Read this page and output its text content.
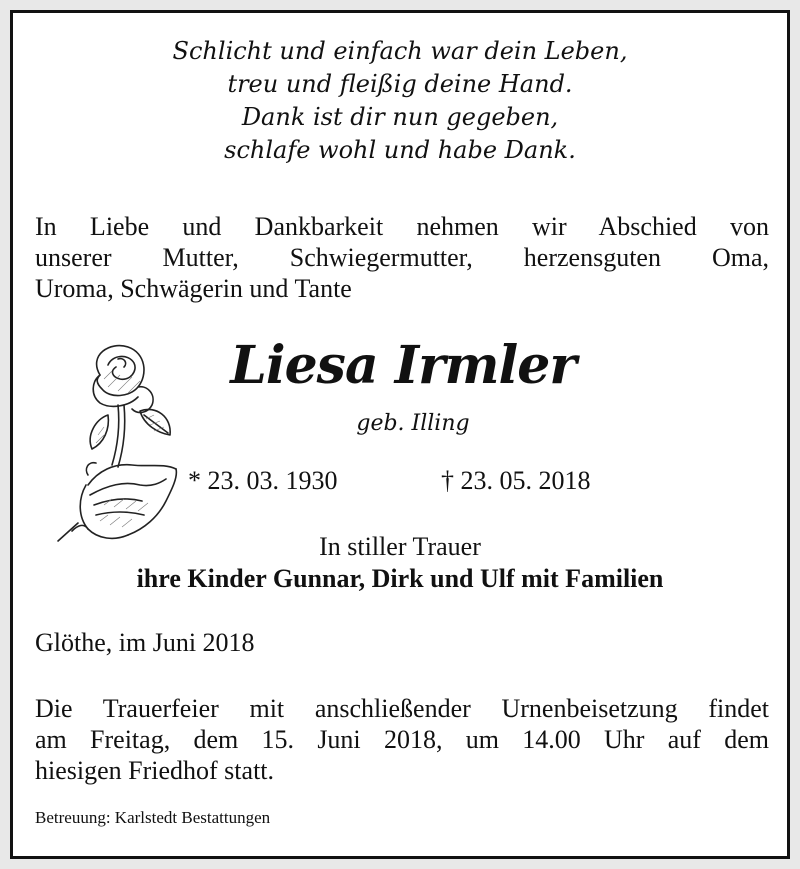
Schlicht und einfach war dein Leben,
treu und fleißig deine Hand.
Dank ist dir nun gegeben,
schlafe wohl und habe Dank.
In Liebe und Dankbarkeit nehmen wir Abschied von
unserer Mutter, Schwiegermutter, herzensguten Oma,
Uroma, Schwägerin und Tante
Liesa Irmler
geb. Illing
* 23. 03. 1930	† 23. 05. 2018
In stiller Trauer
ihre Kinder Gunnar, Dirk und Ulf mit Familien
Glöthe, im Juni 2018
Die Trauerfeier mit anschließender Urnenbeisetzung findet
am Freitag, dem 15. Juni 2018, um 14.00 Uhr auf dem
hiesigen Friedhof statt.
Betreuung: Karlstedt Bestattungen
